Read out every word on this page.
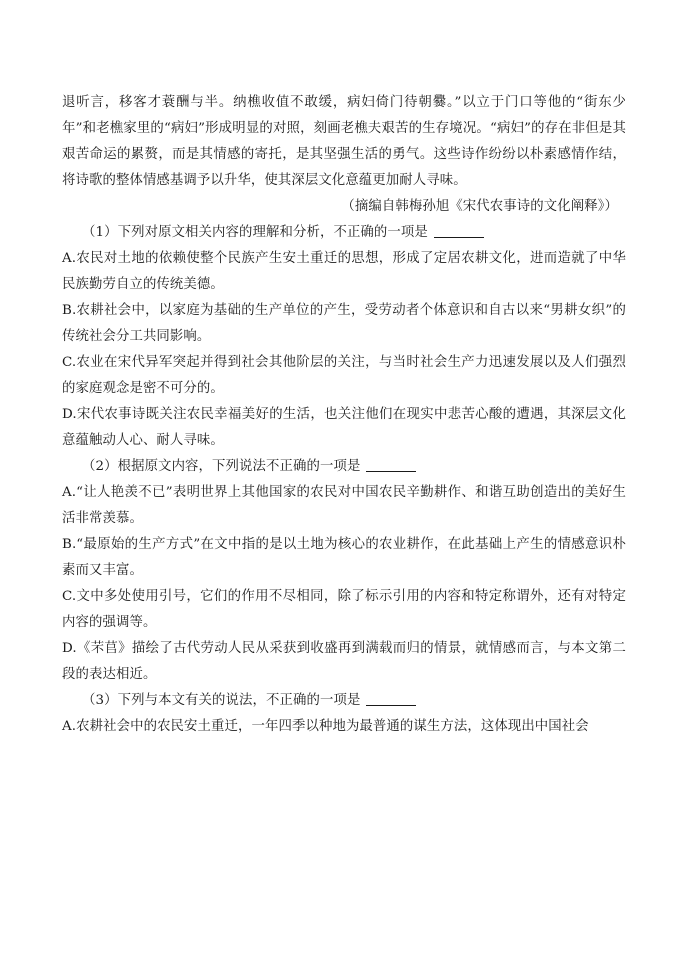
退听言，移客才蓑酬与半。纳樵收值不敢缓，病妇倚门待朝爨。”以立于门口等他的“街东少年”和老樵家里的“病妇”形成明显的对照，刻画老樵夫艰苦的生存境况。“病妇”的存在非但是其艰苦命运的累赘，而是其情感的寄托，是其坚强生活的勇气。这些诗作纷纷以朴素感情作结，将诗歌的整体情感基调予以升华，使其深层文化意蕴更加耐人寻味。

（摘编自韩梅孙旭《宋代农事诗的文化阐释》）

（1）下列对原文相关内容的理解和分析，不正确的一项是

A.农民对土地的依赖使整个民族产生安土重迁的思想，形成了定居农耕文化，进而造就了中华民族勤劳自立的传统美德。

B.农耕社会中，以家庭为基础的生产单位的产生，受劳动者个体意识和自古以来“男耕女织”的传统社会分工共同影响。

C.农业在宋代异军突起并得到社会其他阶层的关注，与当时社会生产力迅速发展以及人们强烈的家庭观念是密不可分的。

D.宋代农事诗既关注农民幸福美好的生活，也关注他们在现实中悲苦心酸的遭遇，其深层文化意蕴触动人心、耐人寻味。

（2）根据原文内容，下列说法不正确的一项是

A.“让人艳羡不已”表明世界上其他国家的农民对中国农民辛勤耕作、和谐互助创造出的美好生活非常羡慕。

B.“最原始的生产方式”在文中指的是以土地为核心的农业耕作，在此基础上产生的情感意识朴素而又丰富。

C.文中多处使用引号，它们的作用不尽相同，除了标示引用的内容和特定称谓外，还有对特定内容的强调等。

D.《芣苢》描绘了古代劳动人民从采获到收盛再到满载而归的情景，就情感而言，与本文第二段的表达相近。

（3）下列与本文有关的说法，不正确的一项是

A.农耕社会中的农民安土重迁，一年四季以种地为最普通的谋生方法，这体现出中国社会
